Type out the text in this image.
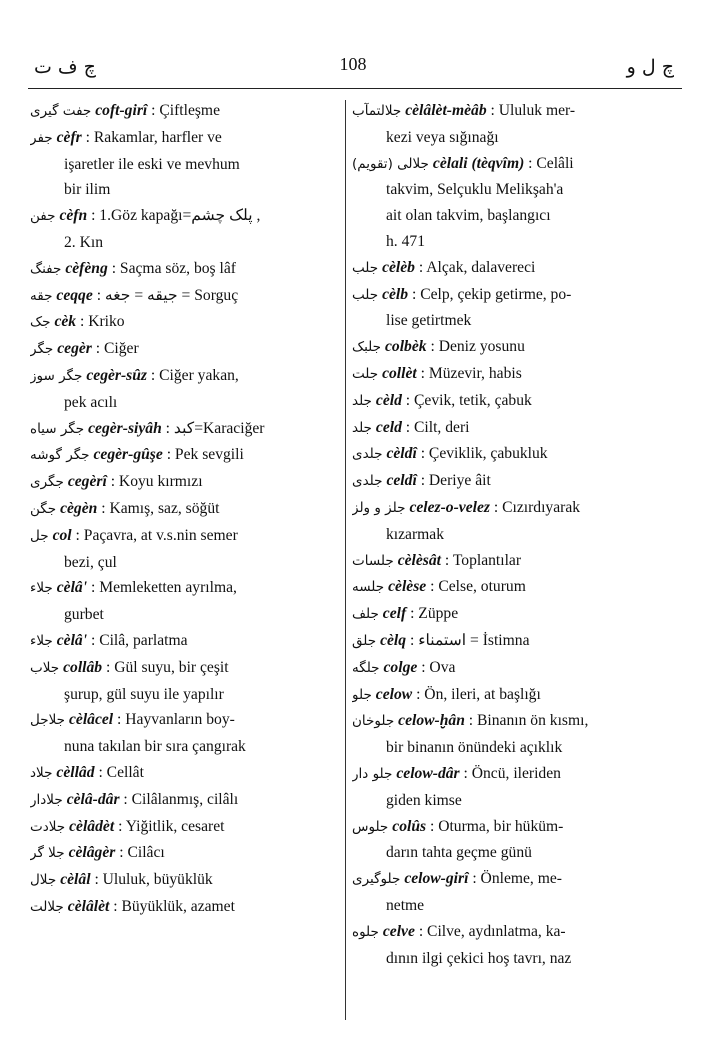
چ ف ت	108	چ ل و
جفت گیری coft-girî : Çiftleşme
جفر cèfr : Rakamlar, harfler ve
işaretler ile eski ve mevhum
bir ilim
جفن cèfn : 1.Göz kapağı=پلک چشم ,
2. Kın
جفنگ cèfèng : Saçma söz, boş lâf
جقه ceqqe : جیقه = جغه = Sorguç
جک cèk : Kriko
جگر cegèr : Ciğer
جگر سوز cegèr-sûz : Ciğer yakan,
pek acılı
جگر سیاه cegèr-siyâh : کبد=Karaciğer
جگر گوشه cegèr-gûşe : Pek sevgili
جگری cegèrî : Koyu kırmızı
جگن cègèn : Kamış, saz, söğüt
جل col : Paçavra, at v.s.nin semer
bezi, çul
جلاء cèlâ' : Memleketten ayrılma,
gurbet
جلاء cèlâ' : Cilâ, parlatma
جلاب collâb : Gül suyu, bir çeşit
şurup, gül suyu ile yapılır
جلاجل cèlâcel : Hayvanların boy-
nuna takılan bir sıra çangırak
جلاد cèllâd : Cellât
جلادار cèlâ-dâr : Cilâlanmış, cilâlı
جلادت cèlâdèt : Yiğitlik, cesaret
جلا گر cèlâgèr : Cilâcı
جلال cèlâl : Ululuk, büyüklük
جلالت cèlâlèt : Büyüklük, azamet
جلالتمآب cèlâlèt-mèâb : Ululuk mer-
kezi veya sığınağı
جلالی (تقویم) cèlali (tèqvîm) : Celâli
takvim, Selçuklu Melikşah'a
ait olan takvim, başlangıcı
h. 471
جلب cèlèb : Alçak, dalavereci
جلب cèlb : Celp, çekip getirme, po-
lise getirtmek
جلبک colbèk : Deniz yosunu
جلت collèt : Müzevir, habis
جلد cèld : Çevik, tetik, çabuk
جلد celd : Cilt, deri
جلدی cèldî : Çeviklik, çabukluk
جلدی celdî : Deriye âit
جلز و ولز celez-o-velez : Cızırdıyarak
kızarmak
جلسات cèlèsât : Toplantılar
جلسه cèlèse : Celse, oturum
جلف celf : Züppe
جلق cèlq : استمناء = İstimna
جلگه colge : Ova
جلو celow : Ön, ileri, at başlığı
جلوخان celow-ḫân : Binanın ön kısmı,
bir binanın önündeki açıklık
جلو دار celow-dâr : Öncü, ileriden
giden kimse
جلوس colûs : Oturma, bir hüküm-
darın tahta geçme günü
جلوگیری celow-girî : Önleme, me-
netme
جلوه celve : Cilve, aydınlatma, ka-
dının ilgi çekici hoş tavrı, naz
